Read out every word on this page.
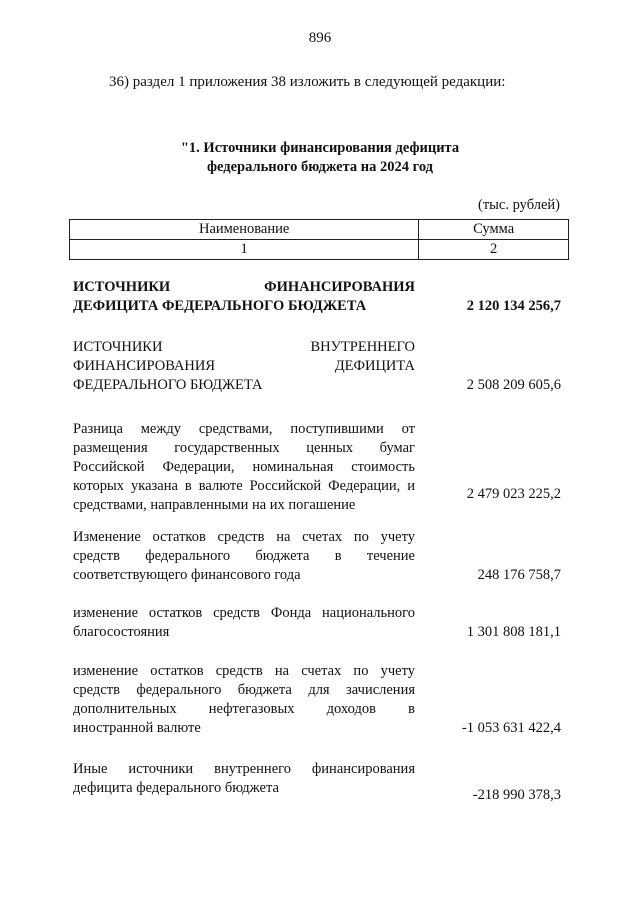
896
36) раздел 1 приложения 38 изложить в следующей редакции:
"1. Источники финансирования дефицита
федерального бюджета на 2024 год
(тыс. рублей)
Наименование	Сумма
1	2
ИСТОЧНИКИ ФИНАНСИРОВАНИЯ
ДЕФИЦИТА ФЕДЕРАЛЬНОГО БЮДЖЕТА	2 120 134 256,7
ИСТОЧНИКИ ВНУТРЕННЕГО
ФИНАНСИРОВАНИЯ ДЕФИЦИТА
ФЕДЕРАЛЬНОГО БЮДЖЕТА	2 508 209 605,6
Разница между средствами, поступившими от
размещения государственных ценных бумаг
Российской Федерации, номинальная стоимость
которых указана в валюте Российской Федерации, и
средствами, направленными на их погашение
2 479 023 225,2
Изменение остатков средств на счетах по учету
средств федерального бюджета в течение
соответствующего финансового года	248 176 758,7
изменение остатков средств Фонда национального
благосостояния	1 301 808 181,1
изменение остатков средств на счетах по учету
средств федерального бюджета для зачисления
дополнительных нефтегазовых доходов в
иностранной валюте	-1 053 631 422,4
Иные источники внутреннего финансирования
дефицита федерального бюджета	-218 990 378,3
